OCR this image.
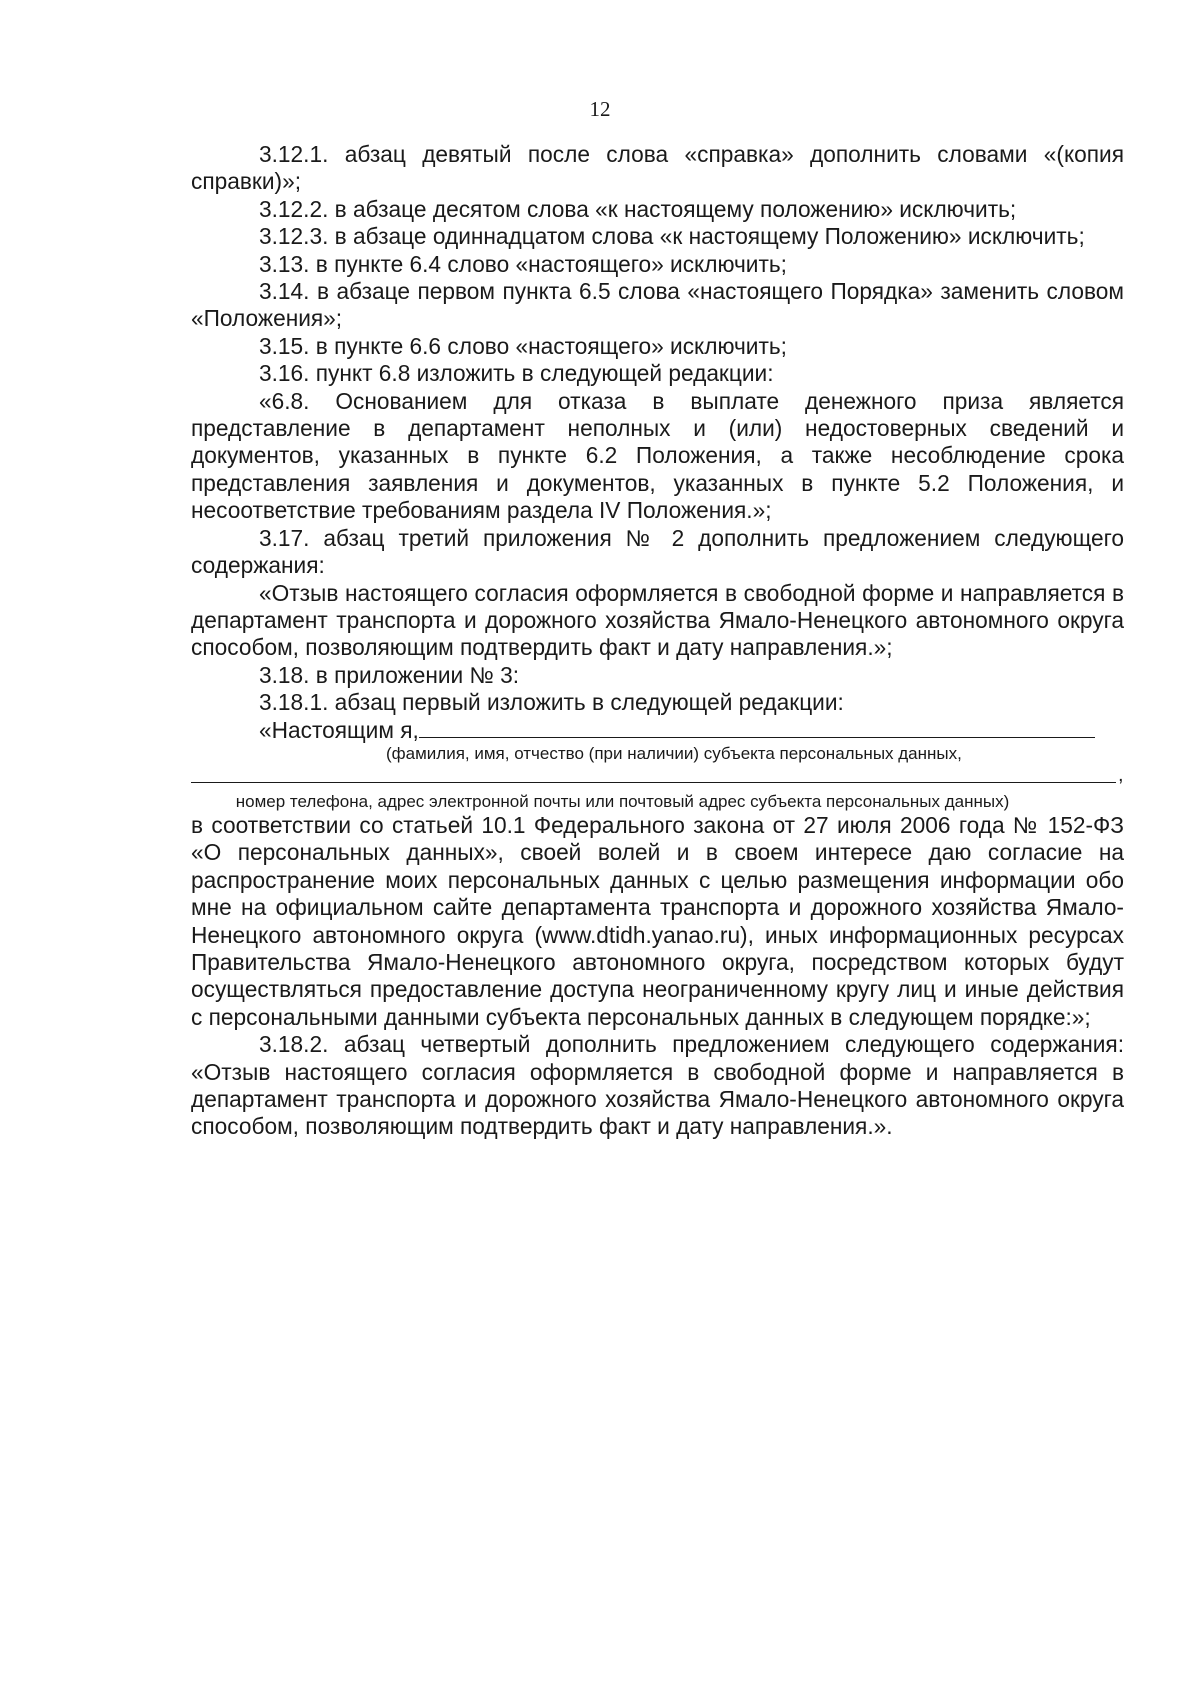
12

3.12.1. абзац девятый после слова «справка» дополнить словами «(копия справки)»;

3.12.2. в абзаце десятом слова «к настоящему положению» исключить;

3.12.3. в абзаце одиннадцатом слова «к настоящему Положению» исключить;

3.13. в пункте 6.4 слово «настоящего» исключить;

3.14. в абзаце первом пункта 6.5 слова «настоящего Порядка» заменить словом «Положения»;

3.15. в пункте 6.6 слово «настоящего» исключить;

3.16. пункт 6.8 изложить в следующей редакции:

«6.8. Основанием для отказа в выплате денежного приза является представление в департамент неполных и (или) недостоверных сведений и документов, указанных в пункте 6.2 Положения, а также несоблюдение срока представления заявления и документов, указанных в пункте 5.2 Положения, и несоответствие требованиям раздела IV Положения.»;

3.17. абзац третий приложения № 2 дополнить предложением следующего содержания:

«Отзыв настоящего согласия оформляется в свободной форме и направляется в департамент транспорта и дорожного хозяйства Ямало-Ненецкого автономного округа способом, позволяющим подтвердить факт и дату направления.»;

3.18. в приложении № 3:

3.18.1. абзац первый изложить в следующей редакции:

«Настоящим я,

(фамилия, имя, отчество (при наличии) субъекта персональных данных,

,

номер телефона, адрес электронной почты или почтовый адрес субъекта персональных данных)

в соответствии со статьей 10.1 Федерального закона от 27 июля 2006 года № 152-ФЗ «О персональных данных», своей волей и в своем интересе даю согласие на распространение моих персональных данных с целью размещения информации обо мне на официальном сайте департамента транспорта и дорожного хозяйства Ямало-Ненецкого автономного округа (www.dtidh.yanao.ru), иных информационных ресурсах Правительства Ямало-Ненецкого автономного округа, посредством которых будут осуществляться предоставление доступа неограниченному кругу лиц и иные действия с персональными данными субъекта персональных данных в следующем порядке:»;

3.18.2. абзац четвертый дополнить предложением следующего содержания: «Отзыв настоящего согласия оформляется в свободной форме и направляется в департамент транспорта и дорожного хозяйства Ямало-Ненецкого автономного округа способом, позволяющим подтвердить факт и дату направления.».
